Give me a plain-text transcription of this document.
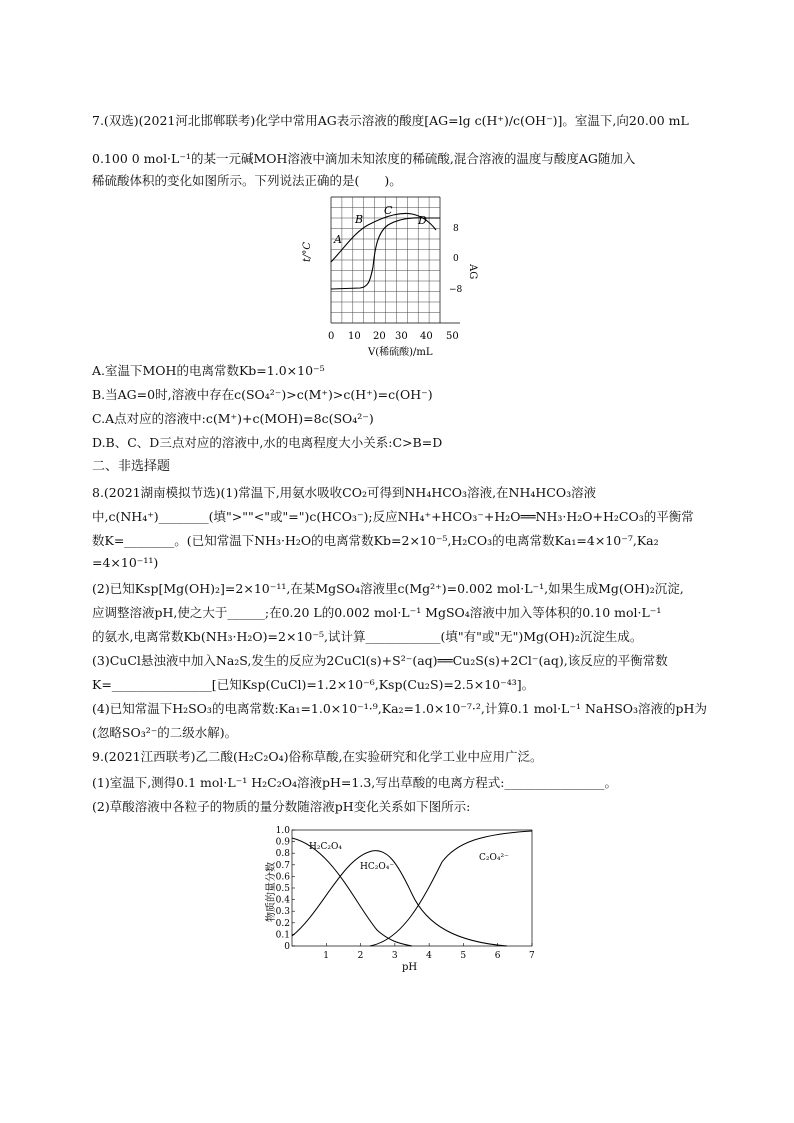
7.(双选)(2021河北邯郸联考)化学中常用AG表示溶液的酸度[AG=lg c(H⁺)/c(OH⁻)]。室温下,向20.00 mL
0.100 0 mol·L⁻¹的某一元碱MOH溶液中滴加未知浓度的稀硫酸,混合溶液的温度与酸度AG随加入
稀硫酸体积的变化如图所示。下列说法正确的是(　　)。
A
B
C
D
t/°C
AG
8
0
−8
0 10 20 30 40 50
V(稀硫酸)/mL
A.室温下MOH的电离常数Kb=1.0×10⁻⁵
B.当AG=0时,溶液中存在c(SO₄²⁻)>c(M⁺)>c(H⁺)=c(OH⁻)
C.A点对应的溶液中:c(M⁺)+c(MOH)=8c(SO₄²⁻)
D.B、C、D三点对应的溶液中,水的电离程度大小关系:C>B=D
二、非选择题
8.(2021湖南模拟节选)(1)常温下,用氨水吸收CO₂可得到NH₄HCO₃溶液,在NH₄HCO₃溶液
中,c(NH₄⁺)________(填">""<"或"=")c(HCO₃⁻);反应NH₄⁺+HCO₃⁻+H₂O══NH₃·H₂O+H₂CO₃的平衡常
数K=________。(已知常温下NH₃·H₂O的电离常数Kb=2×10⁻⁵,H₂CO₃的电离常数Ka₁=4×10⁻⁷,Ka₂
=4×10⁻¹¹)
(2)已知Ksp[Mg(OH)₂]=2×10⁻¹¹,在某MgSO₄溶液里c(Mg²⁺)=0.002 mol·L⁻¹,如果生成Mg(OH)₂沉淀,
应调整溶液pH,使之大于______;在0.20 L的0.002 mol·L⁻¹ MgSO₄溶液中加入等体积的0.10 mol·L⁻¹
的氨水,电离常数Kb(NH₃·H₂O)=2×10⁻⁵,试计算____________(填"有"或"无")Mg(OH)₂沉淀生成。
(3)CuCl悬浊液中加入Na₂S,发生的反应为2CuCl(s)+S²⁻(aq)══Cu₂S(s)+2Cl⁻(aq),该反应的平衡常数
K=________________[已知Ksp(CuCl)=1.2×10⁻⁶,Ksp(Cu₂S)=2.5×10⁻⁴³]。
(4)已知常温下H₂SO₃的电离常数:Ka₁=1.0×10⁻¹·⁹,Ka₂=1.0×10⁻⁷·²,计算0.1 mol·L⁻¹ NaHSO₃溶液的pH为
(忽略SO₃²⁻的二级水解)。
9.(2021江西联考)乙二酸(H₂C₂O₄)俗称草酸,在实验研究和化学工业中应用广泛。
(1)室温下,测得0.1 mol·L⁻¹ H₂C₂O₄溶液pH=1.3,写出草酸的电离方程式:________________。
(2)草酸溶液中各粒子的物质的量分数随溶液pH变化关系如下图所示:
物质的量分数
H₂C₂O₄
HC₂O₄⁻
C₂O₄²⁻
pH
1	2	3	4	5	6	7
0
0.1
0.2
0.3
0.4
0.5
0.6
0.7
0.8
0.9
1.0
